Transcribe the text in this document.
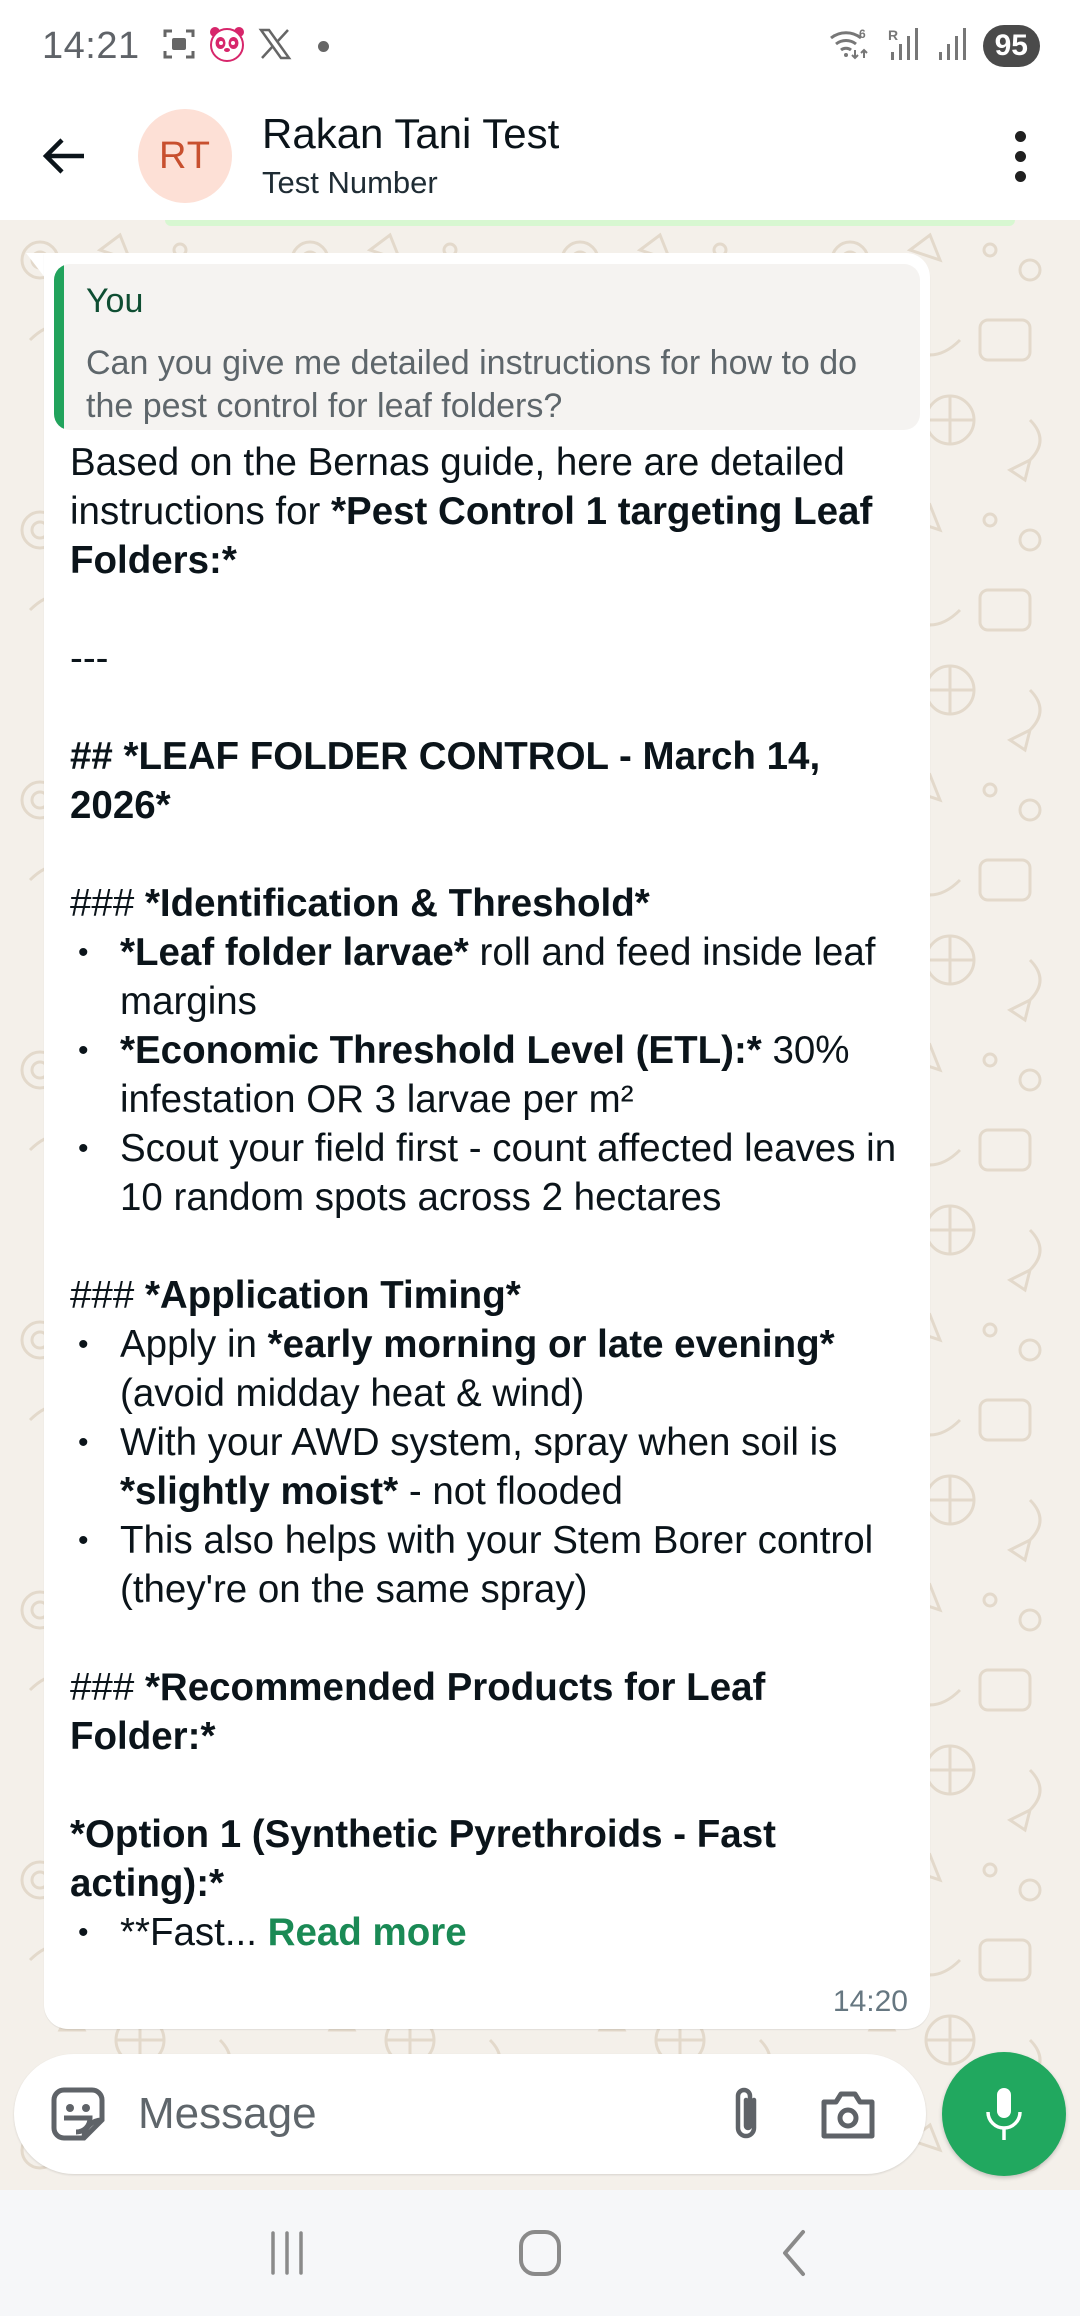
14:21	6 R	95
RT	Rakan Tani Test
Test Number
You
Can you give me detailed instructions for how to do the pest control for leaf folders?

Based on the Bernas guide, here are detailed instructions for *Pest Control 1 targeting Leaf Folders:*

---

## *LEAF FOLDER CONTROL - March 14, 2026*

### *Identification & Threshold*

• *Leaf folder larvae* roll and feed inside leaf margins
• *Economic Threshold Level (ETL):* 30% infestation OR 3 larvae per m²
• Scout your field first - count affected leaves in 10 random spots across 2 hectares

### *Application Timing*

• Apply in *early morning or late evening* (avoid midday heat & wind)
• With your AWD system, spray when soil is *slightly moist* - not flooded
• This also helps with your Stem Borer control (they're on the same spray)

### *Recommended Products for Leaf Folder:*

*Option 1 (Synthetic Pyrethroids - Fast acting):*

• **Fast... Read more
14:20
Message
